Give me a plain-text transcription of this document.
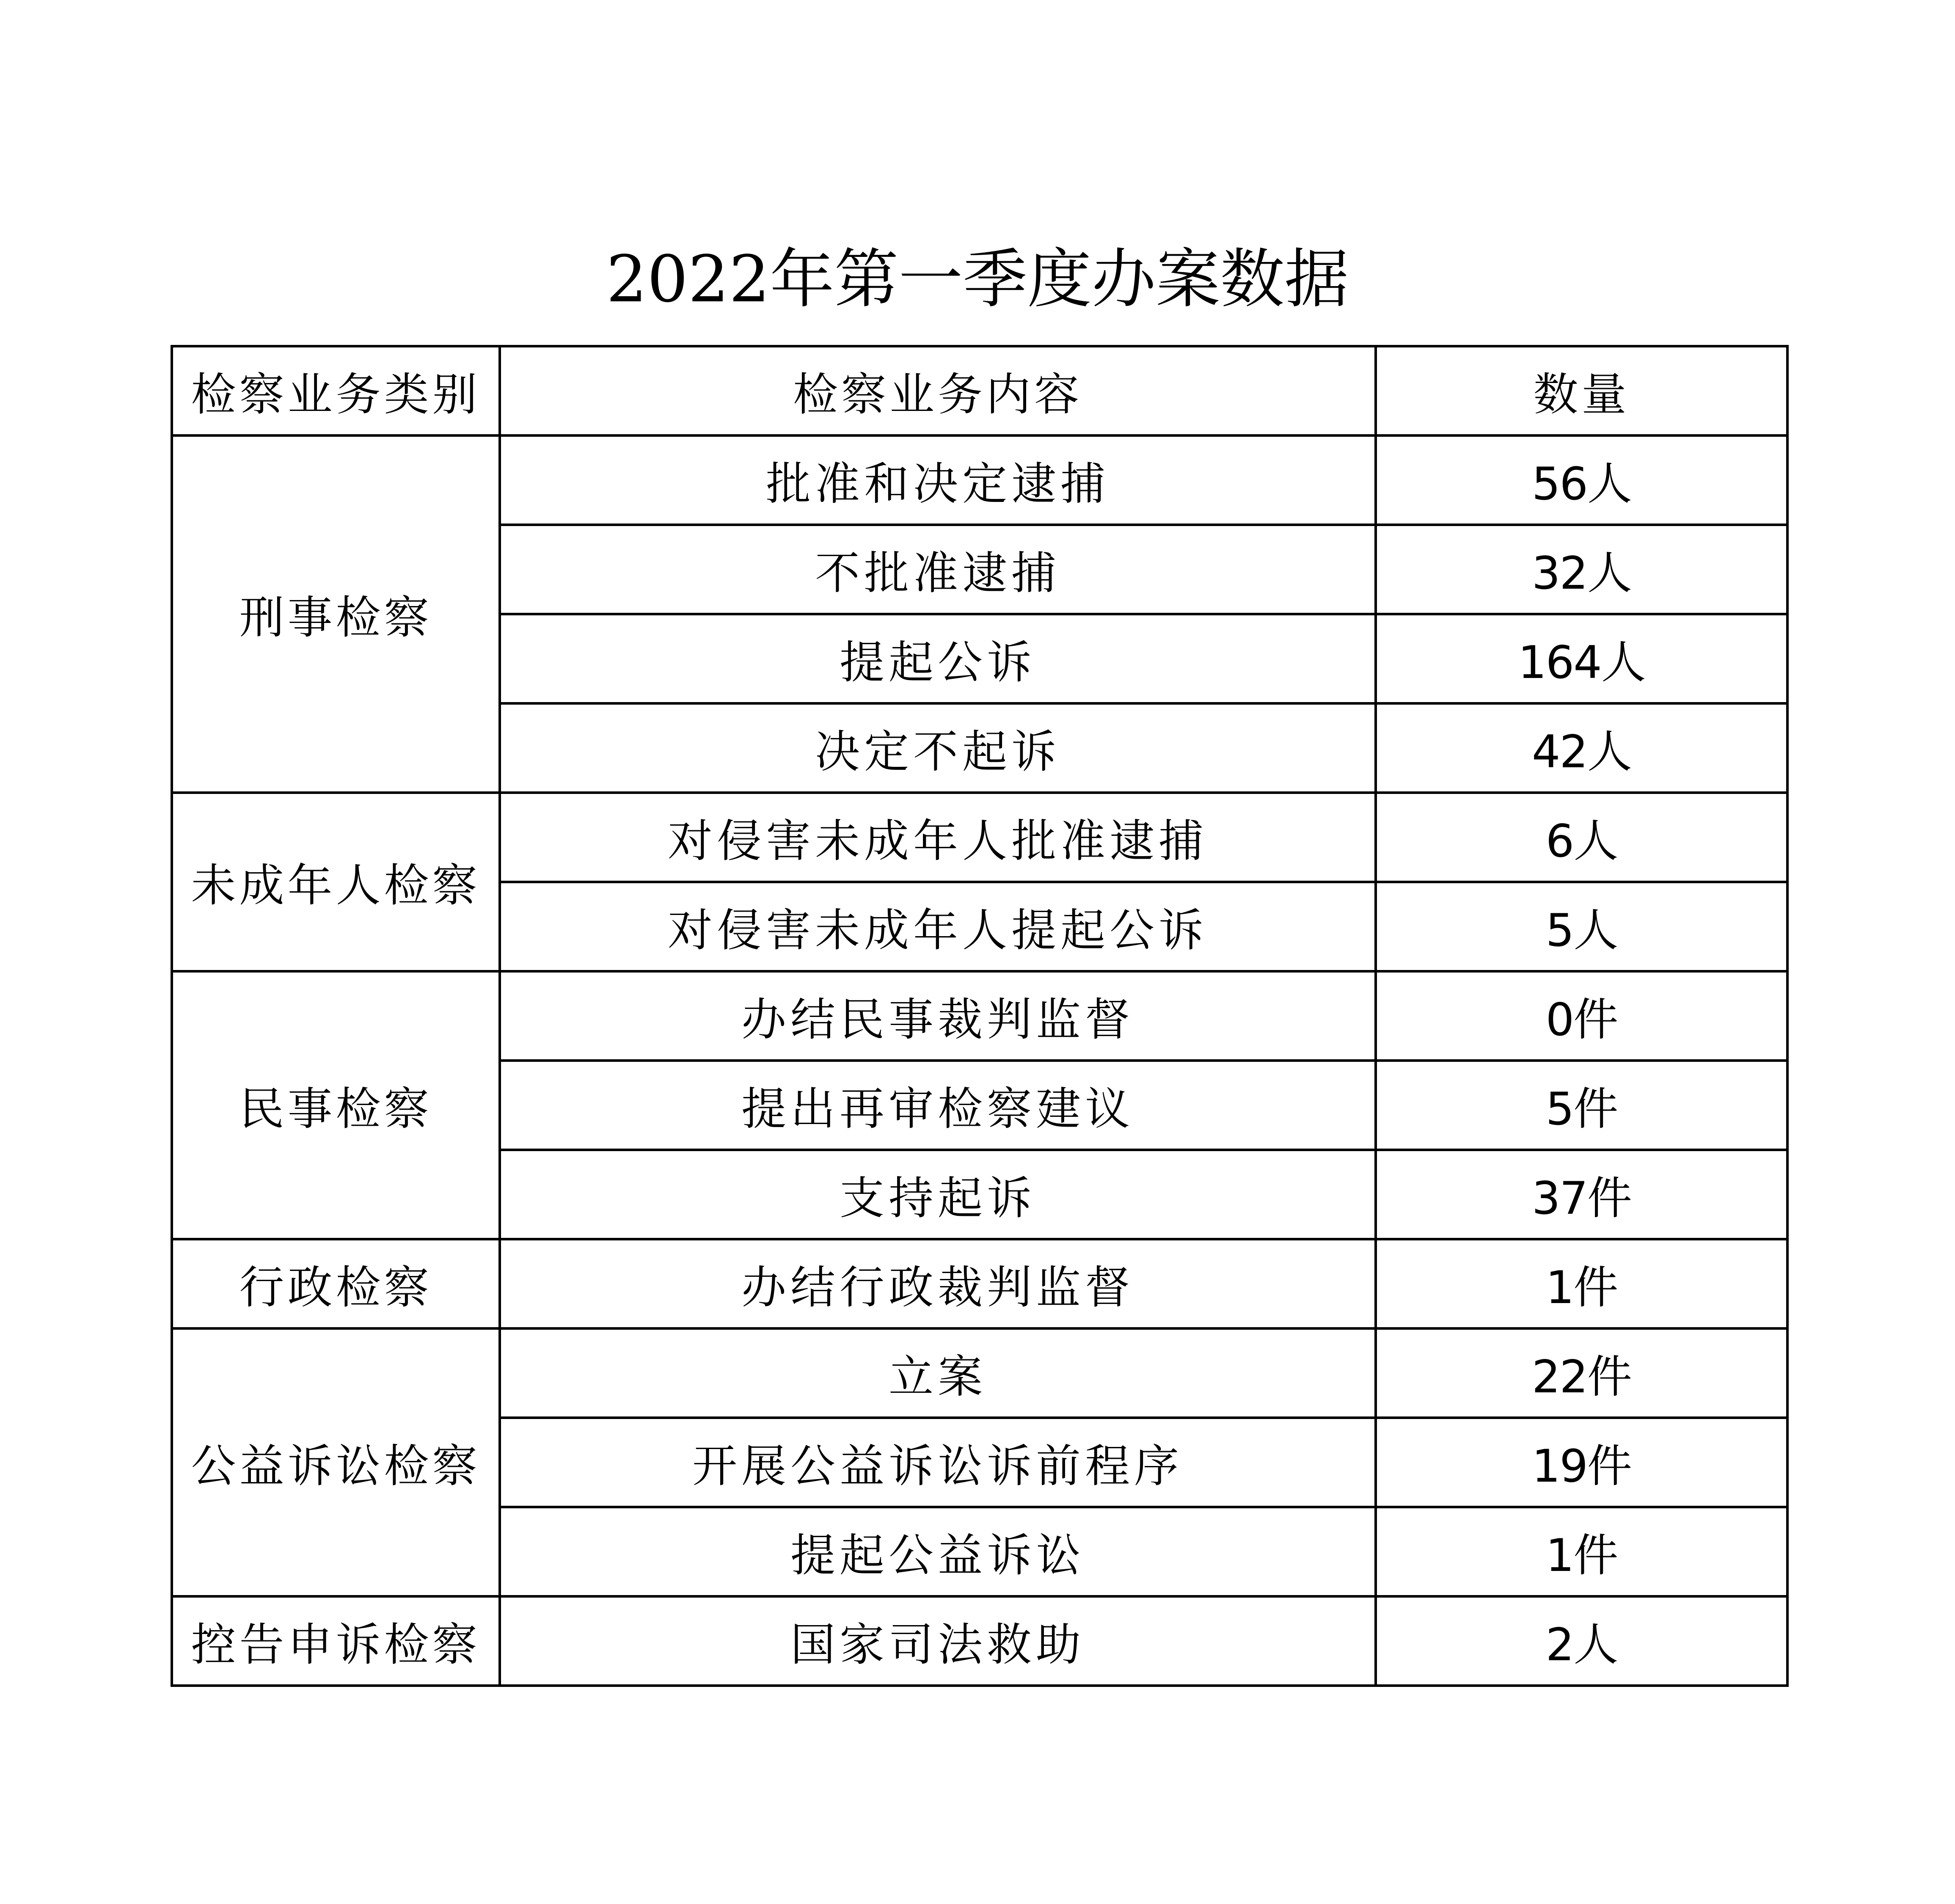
2022年第一季度办案数据
检察业务类别	检察业务内容	数量
刑事检察	批准和决定逮捕	56人
	不批准逮捕	32人
	提起公诉	164人
	决定不起诉	42人
未成年人检察	对侵害未成年人批准逮捕	6人
	对侵害未成年人提起公诉	5人
民事检察	办结民事裁判监督	0件
	提出再审检察建议	5件
	支持起诉	37件
行政检察	办结行政裁判监督	1件
公益诉讼检察	立案	22件
	开展公益诉讼诉前程序	19件
	提起公益诉讼	1件
控告申诉检察	国家司法救助	2人
